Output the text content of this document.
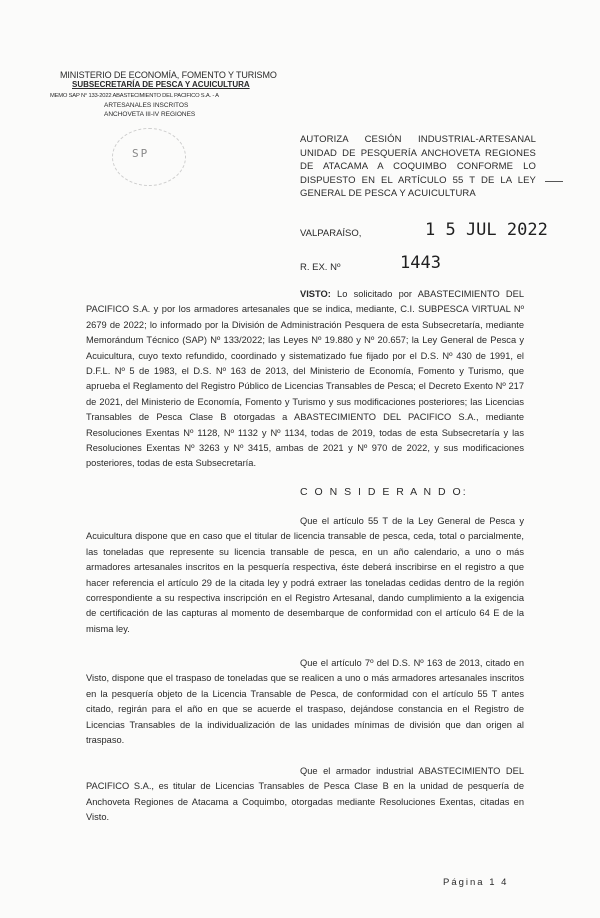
MINISTERIO DE ECONOMÍA, FOMENTO Y TURISMO
SUBSECRETARÍA DE PESCA Y ACUICULTURA
MEMO SAP N° 133-2022 ABASTECIMIENTO DEL PACIFICO S.A. - A
ARTESANALES INSCRITOS
ANCHOVETA III-IV REGIONES
SP
AUTORIZA CESIÓN INDUSTRIAL-ARTESANAL UNIDAD DE PESQUERÍA ANCHOVETA REGIONES DE ATACAMA A COQUIMBO CONFORME LO DISPUESTO EN EL ARTÍCULO 55 T DE LA LEY GENERAL DE PESCA Y ACUICULTURA
VALPARAÍSO,	1 5 JUL 2022
R. EX. Nº	1443
VISTO: Lo solicitado por ABASTECIMIENTO DEL PACIFICO S.A. y por los armadores artesanales que se indica, mediante, C.I. SUBPESCA VIRTUAL Nº 2679 de 2022; lo informado por la División de Administración Pesquera de esta Subsecretaría, mediante Memorándum Técnico (SAP) Nº 133/2022; las Leyes Nº 19.880 y Nº 20.657; la Ley General de Pesca y Acuicultura, cuyo texto refundido, coordinado y sistematizado fue fijado por el D.S. Nº 430 de 1991, el D.F.L. Nº 5 de 1983, el D.S. Nº 163 de 2013, del Ministerio de Economía, Fomento y Turismo, que aprueba el Reglamento del Registro Público de Licencias Transables de Pesca; el Decreto Exento Nº 217 de 2021, del Ministerio de Economía, Fomento y Turismo y sus modificaciones posteriores; las Licencias Transables de Pesca Clase B otorgadas a ABASTECIMIENTO DEL PACIFICO S.A., mediante Resoluciones Exentas Nº 1128, Nº 1132 y Nº 1134, todas de 2019, todas de esta Subsecretaría y las Resoluciones Exentas Nº 3263 y Nº 3415, ambas de 2021 y Nº 970 de 2022, y sus modificaciones posteriores, todas de esta Subsecretaría.
C O N S I D E R A N D O:
Que el artículo 55 T de la Ley General de Pesca y Acuicultura dispone que en caso que el titular de licencia transable de pesca, ceda, total o parcialmente, las toneladas que represente su licencia transable de pesca, en un año calendario, a uno o más armadores artesanales inscritos en la pesquería respectiva, éste deberá inscribirse en el registro a que hacer referencia el artículo 29 de la citada ley y podrá extraer las toneladas cedidas dentro de la región correspondiente a su respectiva inscripción en el Registro Artesanal, dando cumplimiento a la exigencia de certificación de las capturas al momento de desembarque de conformidad con el artículo 64 E de la misma ley.
Que el artículo 7º del D.S. Nº 163 de 2013, citado en Visto, dispone que el traspaso de toneladas que se realicen a uno o más armadores artesanales inscritos en la pesquería objeto de la Licencia Transable de Pesca, de conformidad con el artículo 55 T antes citado, regirán para el año en que se acuerde el traspaso, dejándose constancia en el Registro de Licencias Transables de la individualización de las unidades mínimas de división que dan origen al traspaso.
Que el armador industrial ABASTECIMIENTO DEL PACIFICO S.A., es titular de Licencias Transables de Pesca Clase B en la unidad de pesquería de Anchoveta Regiones de Atacama a Coquimbo, otorgadas mediante Resoluciones Exentas, citadas en Visto.
Página 1 4
